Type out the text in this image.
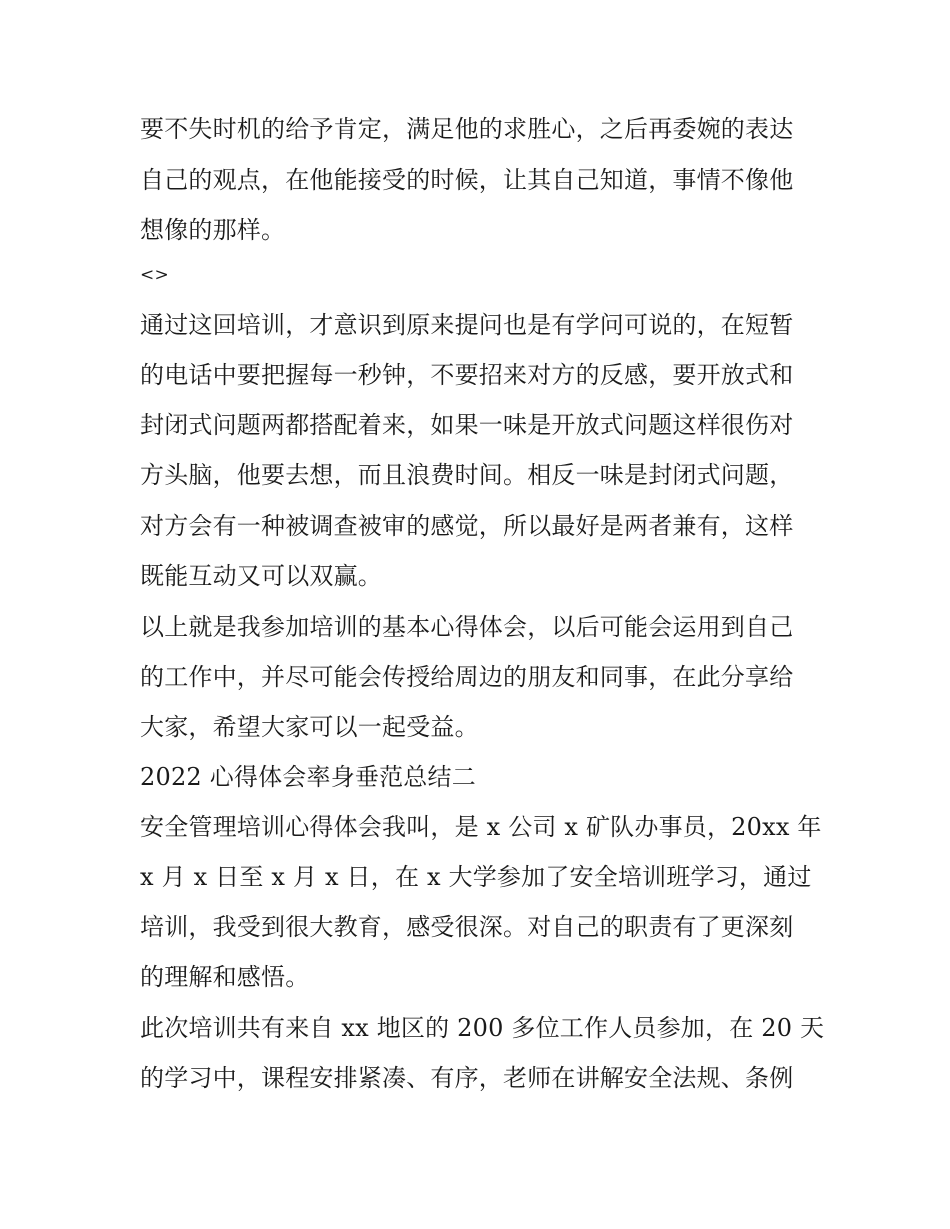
要不失时机的给予肯定，满足他的求胜心，之后再委婉的表达
自己的观点，在他能接受的时候，让其自己知道，事情不像他
想像的那样。
<>
通过这回培训，才意识到原来提问也是有学问可说的，在短暂
的电话中要把握每一秒钟，不要招来对方的反感，要开放式和
封闭式问题两都搭配着来，如果一味是开放式问题这样很伤对
方头脑，他要去想，而且浪费时间。相反一味是封闭式问题，
对方会有一种被调查被审的感觉，所以最好是两者兼有，这样
既能互动又可以双赢。
以上就是我参加培训的基本心得体会，以后可能会运用到自己
的工作中，并尽可能会传授给周边的朋友和同事，在此分享给
大家，希望大家可以一起受益。
2022 心得体会率身垂范总结二
安全管理培训心得体会我叫，是 x 公司 x 矿队办事员，20xx 年
x 月 x 日至 x 月 x 日，在 x 大学参加了安全培训班学习，通过
培训，我受到很大教育，感受很深。对自己的职责有了更深刻
的理解和感悟。
此次培训共有来自 xx 地区的 200 多位工作人员参加，在 20 天
的学习中，课程安排紧凑、有序，老师在讲解安全法规、条例
